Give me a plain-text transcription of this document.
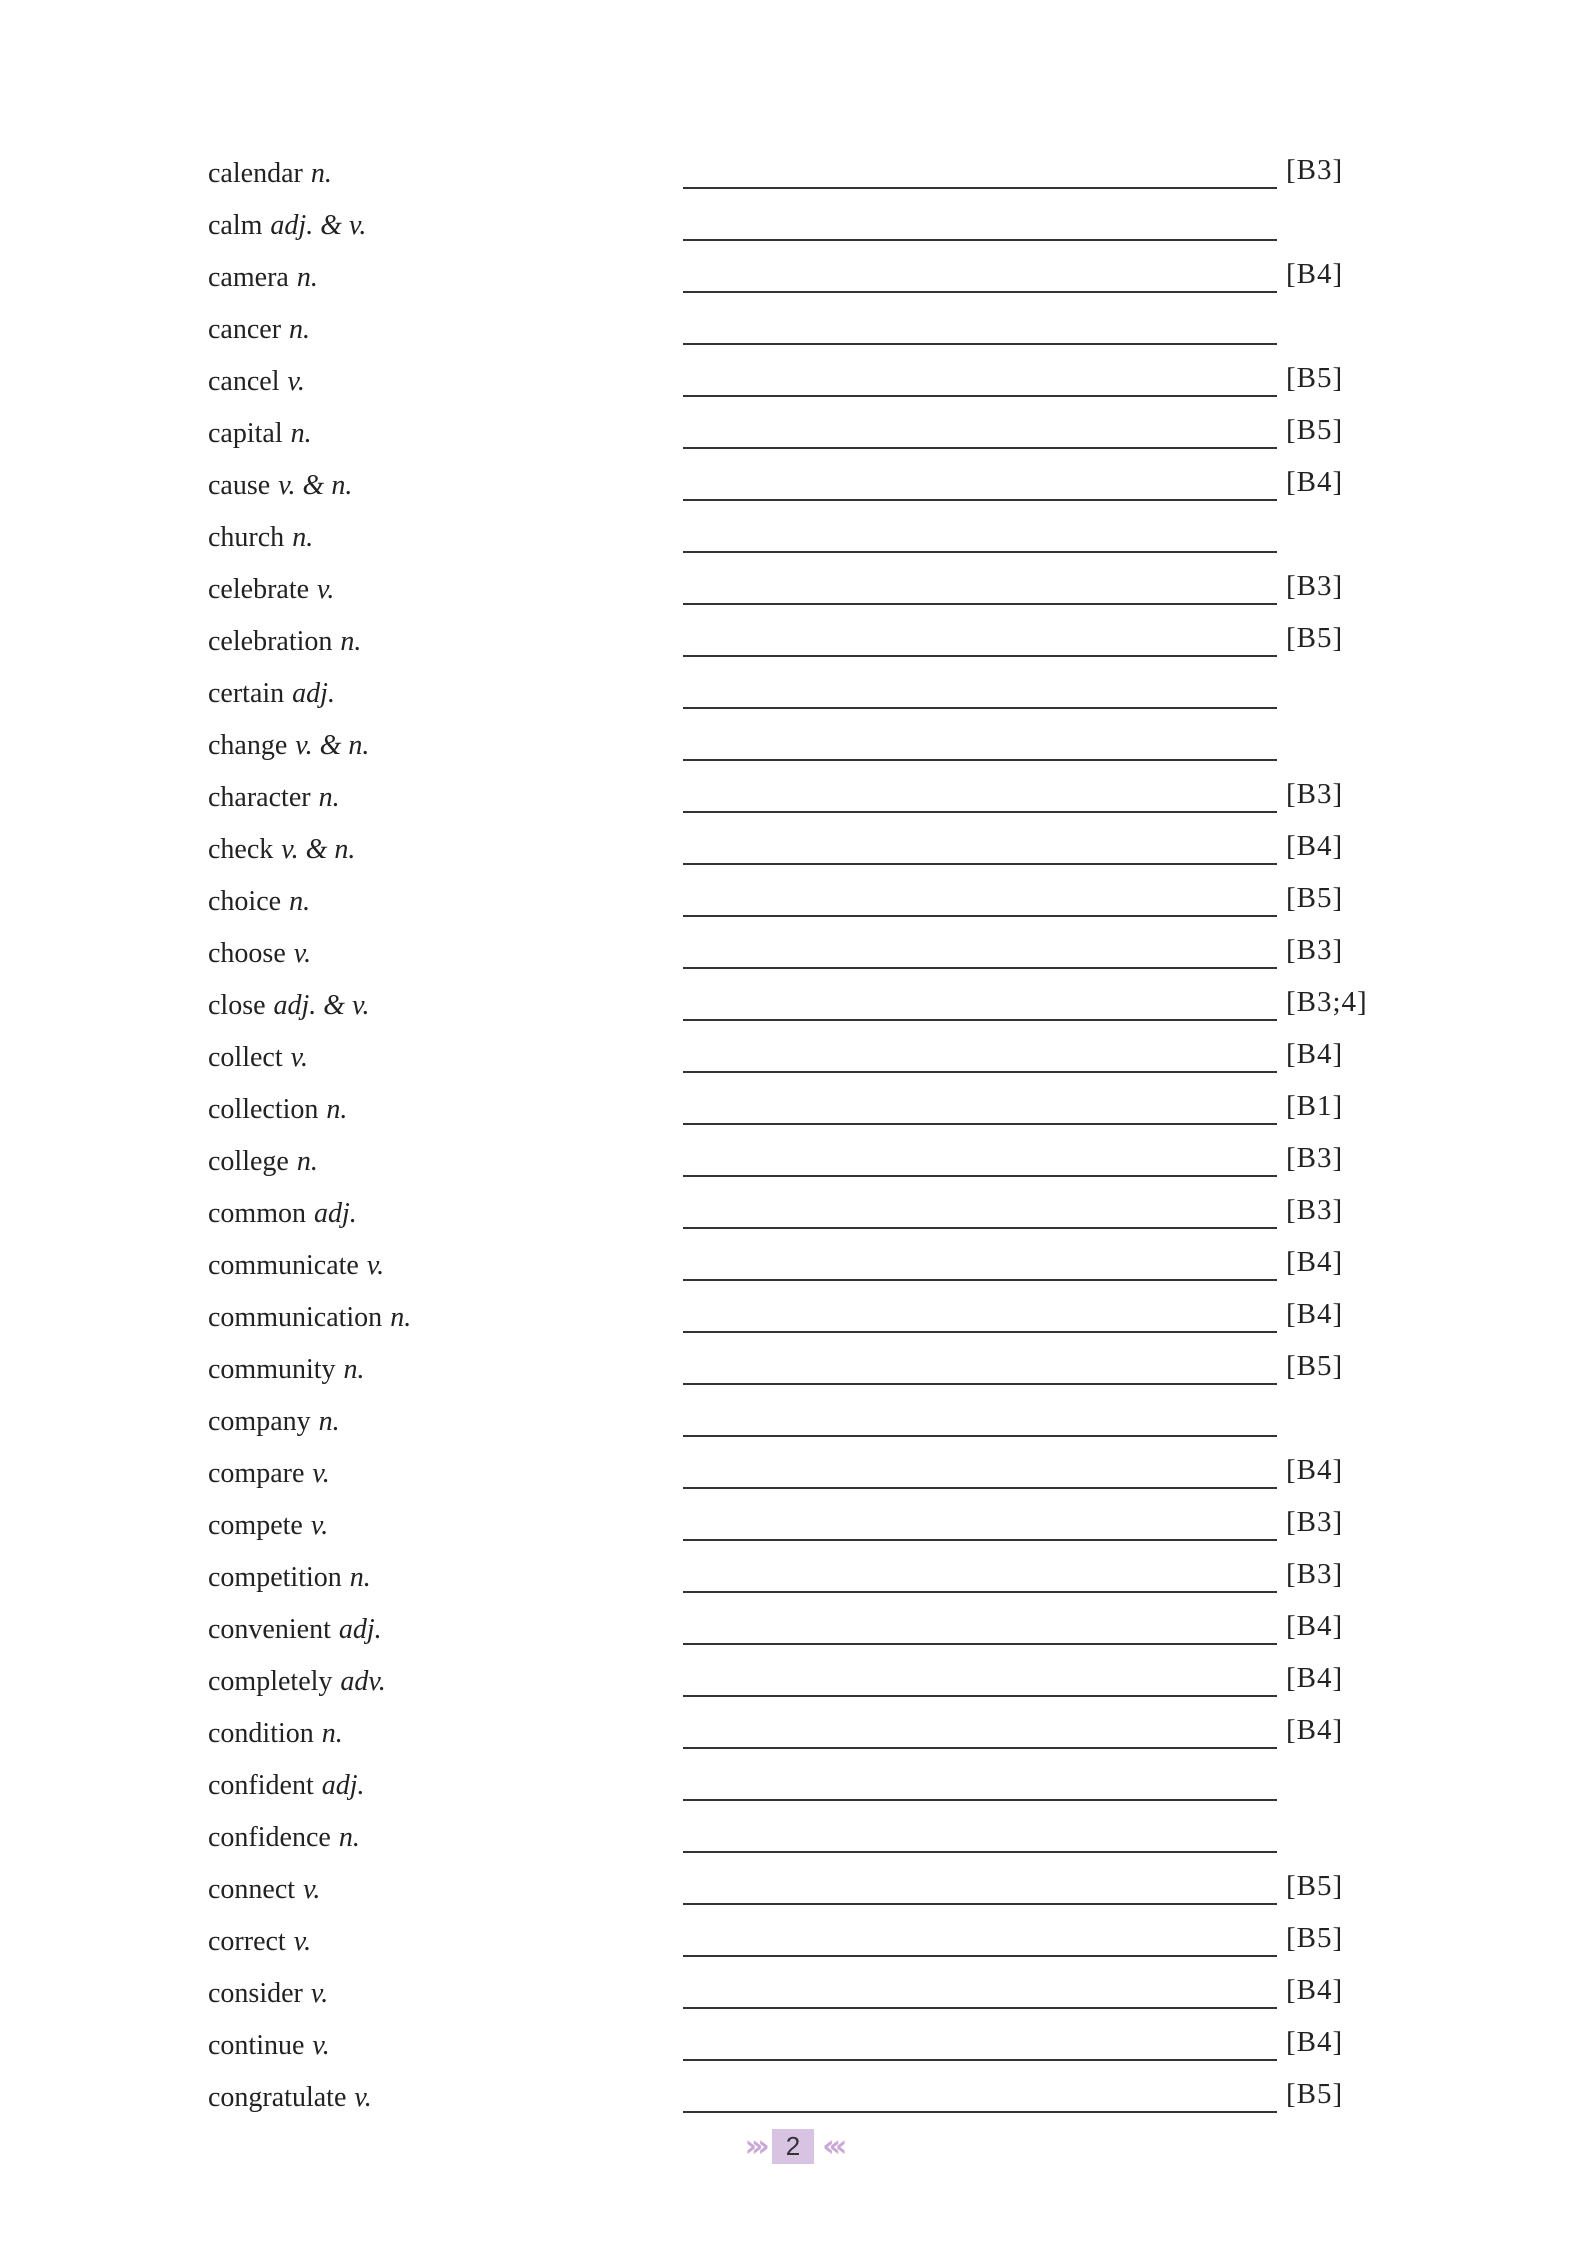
calendar n.	[B3]
calm adj. & v.
camera n.	[B4]
cancer n.
cancel v.	[B5]
capital n.	[B5]
cause v. & n.	[B4]
church n.
celebrate v.	[B3]
celebration n.	[B5]
certain adj.
change v. & n.
character n.	[B3]
check v. & n.	[B4]
choice n.	[B5]
choose v.	[B3]
close adj. & v.	[B3;4]
collect v.	[B4]
collection n.	[B1]
college n.	[B3]
common adj.	[B3]
communicate v.	[B4]
communication n.	[B4]
community n.	[B5]
company n.
compare v.	[B4]
compete v.	[B3]
competition n.	[B3]
convenient adj.	[B4]
completely adv.	[B4]
condition n.	[B4]
confident adj.
confidence n.
connect v.	[B5]
correct v.	[B5]
consider v.	[B4]
continue v.	[B4]
congratulate v.	[B5]
››› 2 ‹‹‹
